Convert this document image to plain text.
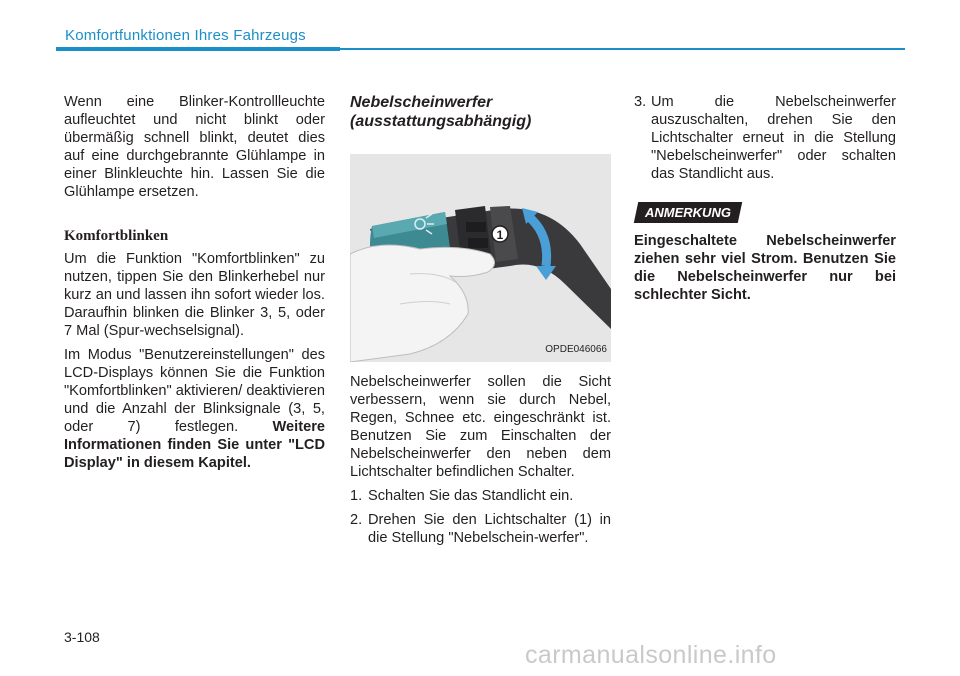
Komfortfunktionen Ihres Fahrzeugs

Wenn eine Blinker-Kontrollleuchte aufleuchtet und nicht blinkt oder übermäßig schnell blinkt, deutet dies auf eine durchgebrannte Glühlampe in einer Blinkleuchte hin. Lassen Sie die Glühlampe ersetzen.

Komfortblinken

Um die Funktion "Komfortblinken" zu nutzen, tippen Sie den Blinkerhebel nur kurz an und lassen ihn sofort wieder los. Daraufhin blinken die Blinker 3, 5, oder 7 Mal (Spur-wechselsignal).

Im Modus "Benutzereinstellungen" des LCD-Displays können Sie die Funktion "Komfortblinken" aktivieren/ deaktivieren und die Anzahl der Blinksignale (3, 5, oder 7) festlegen. Weitere Informationen finden Sie unter "LCD Display" in diesem Kapitel.

Nebelscheinwerfer
(ausstattungsabhängig)

1
OPDE046066

Nebelscheinwerfer sollen die Sicht verbessern, wenn sie durch Nebel, Regen, Schnee etc. eingeschränkt ist. Benutzen Sie zum Einschalten der Nebelscheinwerfer den neben dem Lichtschalter befindlichen Schalter.

1. Schalten Sie das Standlicht ein.
2. Drehen Sie den Lichtschalter (1) in die Stellung "Nebelschein-werfer".
3. Um die Nebelscheinwerfer auszuschalten, drehen Sie den Lichtschalter erneut in die Stellung "Nebelscheinwerfer" oder schalten das Standlicht aus.
ANMERKUNG

Eingeschaltete Nebelscheinwerfer ziehen sehr viel Strom. Benutzen Sie die Nebelscheinwerfer nur bei schlechter Sicht.

3-108
carmanualsonline.info
